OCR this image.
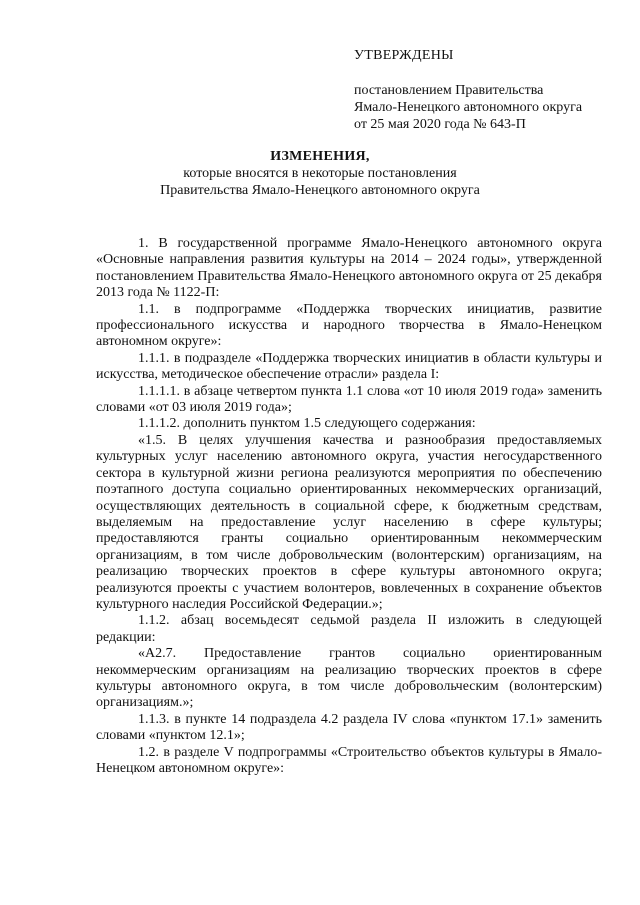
УТВЕРЖДЕНЫ
постановлением Правительства
Ямало-Ненецкого автономного округа
от 25 мая 2020 года № 643-П
ИЗМЕНЕНИЯ,
которые вносятся в некоторые постановления
Правительства Ямало-Ненецкого автономного округа

1. В государственной программе Ямало-Ненецкого автономного округа «Основные направления развития культуры на 2014 – 2024 годы», утвержденной постановлением Правительства Ямало-Ненецкого автономного округа от 25 декабря 2013 года № 1122-П:

1.1. в подпрограмме «Поддержка творческих инициатив, развитие профессионального искусства и народного творчества в Ямало-Ненецком автономном округе»:

1.1.1. в подразделе «Поддержка творческих инициатив в области культуры и искусства, методическое обеспечение отрасли» раздела I:

1.1.1.1. в абзаце четвертом пункта 1.1 слова «от 10 июля 2019 года» заменить словами «от 03 июля 2019 года»;

1.1.1.2. дополнить пунктом 1.5 следующего содержания:

«1.5. В целях улучшения качества и разнообразия предоставляемых культурных услуг населению автономного округа, участия негосударственного сектора в культурной жизни региона реализуются мероприятия по обеспечению поэтапного доступа социально ориентированных некоммерческих организаций, осуществляющих деятельность в социальной сфере, к бюджетным средствам, выделяемым на предоставление услуг населению в сфере культуры; предоставляются гранты социально ориентированным некоммерческим организациям, в том числе добровольческим (волонтерским) организациям, на реализацию творческих проектов в сфере культуры автономного округа; реализуются проекты с участием волонтеров, вовлеченных в сохранение объектов культурного наследия Российской Федерации.»;

1.1.2. абзац восемьдесят седьмой раздела II изложить в следующей редакции:

«А2.7. Предоставление грантов социально ориентированным некоммерческим организациям на реализацию творческих проектов в сфере культуры автономного округа, в том числе добровольческим (волонтерским) организациям.»;

1.1.3. в пункте 14 подраздела 4.2 раздела IV слова «пунктом 17.1» заменить словами «пунктом 12.1»;

1.2. в разделе V подпрограммы «Строительство объектов культуры в Ямало-Ненецком автономном округе»:
